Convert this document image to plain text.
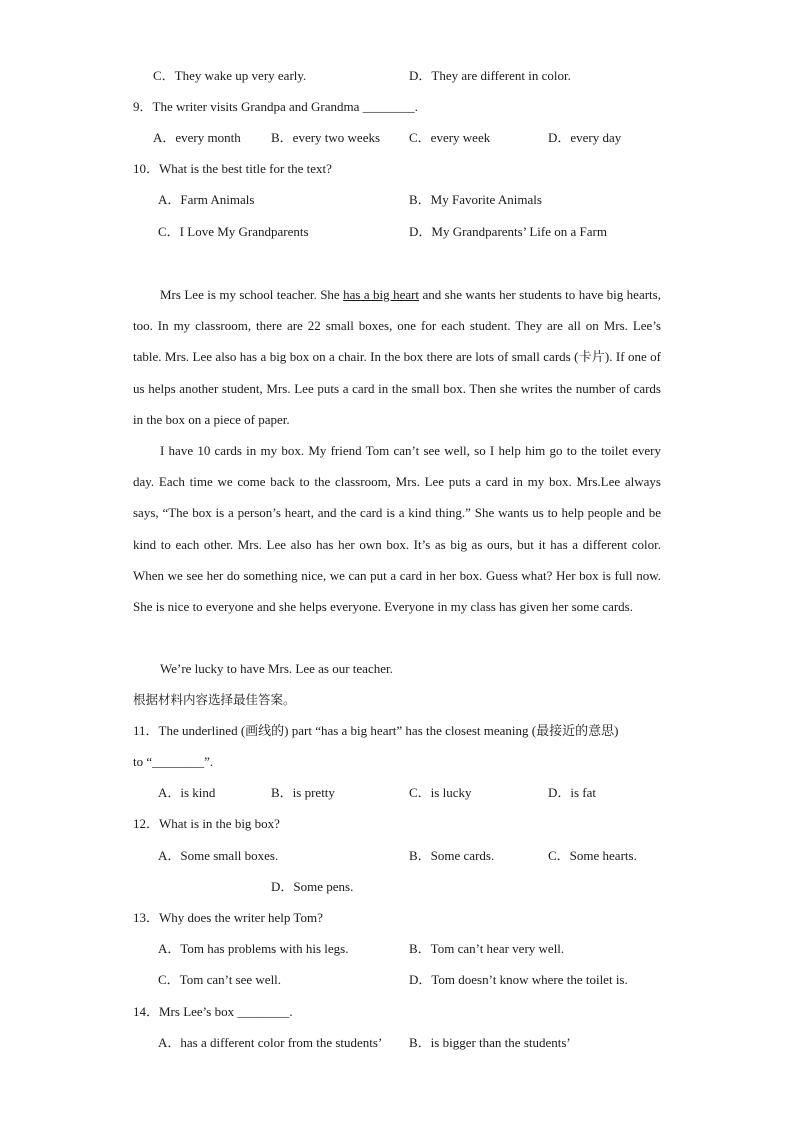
C．They wake up very early.	D．They are different in color.
9．The writer visits Grandpa and Grandma ________.
A．every month B．every two weeks C．every week	D．every day
10．What is the best title for the text?
A．Farm Animals	B．My Favorite Animals
C．I Love My Grandparents	D．My Grandparents’ Life on a Farm
Mrs Lee is my school teacher. She has a big heart and she wants her students to have big hearts, too. In my classroom, there are 22 small boxes, one for each student. They are all on Mrs. Lee’s table. Mrs. Lee also has a big box on a chair. In the box there are lots of small cards (卡片). If one of us helps another student, Mrs. Lee puts a card in the small box. Then she writes the number of cards in the box on a piece of paper.
I have 10 cards in my box. My friend Tom can’t see well, so I help him go to the toilet every day. Each time we come back to the classroom, Mrs. Lee puts a card in my box. Mrs.Lee always says, “The box is a person’s heart, and the card is a kind thing.” She wants us to help people and be kind to each other. Mrs. Lee also has her own box. It’s as big as ours, but it has a different color. When we see her do something nice, we can put a card in her box. Guess what? Her box is full now. She is nice to everyone and she helps everyone. Everyone in my class has given her some cards.
We’re lucky to have Mrs. Lee as our teacher.
根据材料内容选择最佳答案。
11．The underlined (画线的) part “has a big heart” has the closest meaning (最接近的意思)
to “________”.
A．is kind	B．is pretty	C．is lucky	D．is fat
12．What is in the big box?
A．Some small boxes.	B．Some cards.	C．Some hearts.
D．Some pens.
13．Why does the writer help Tom?
A．Tom has problems with his legs.	B．Tom can’t hear very well.
C．Tom can’t see well.	D．Tom doesn’t know where the toilet is.
14．Mrs Lee’s box ________.
A．has a different color from the students’ B．is bigger than the students’
